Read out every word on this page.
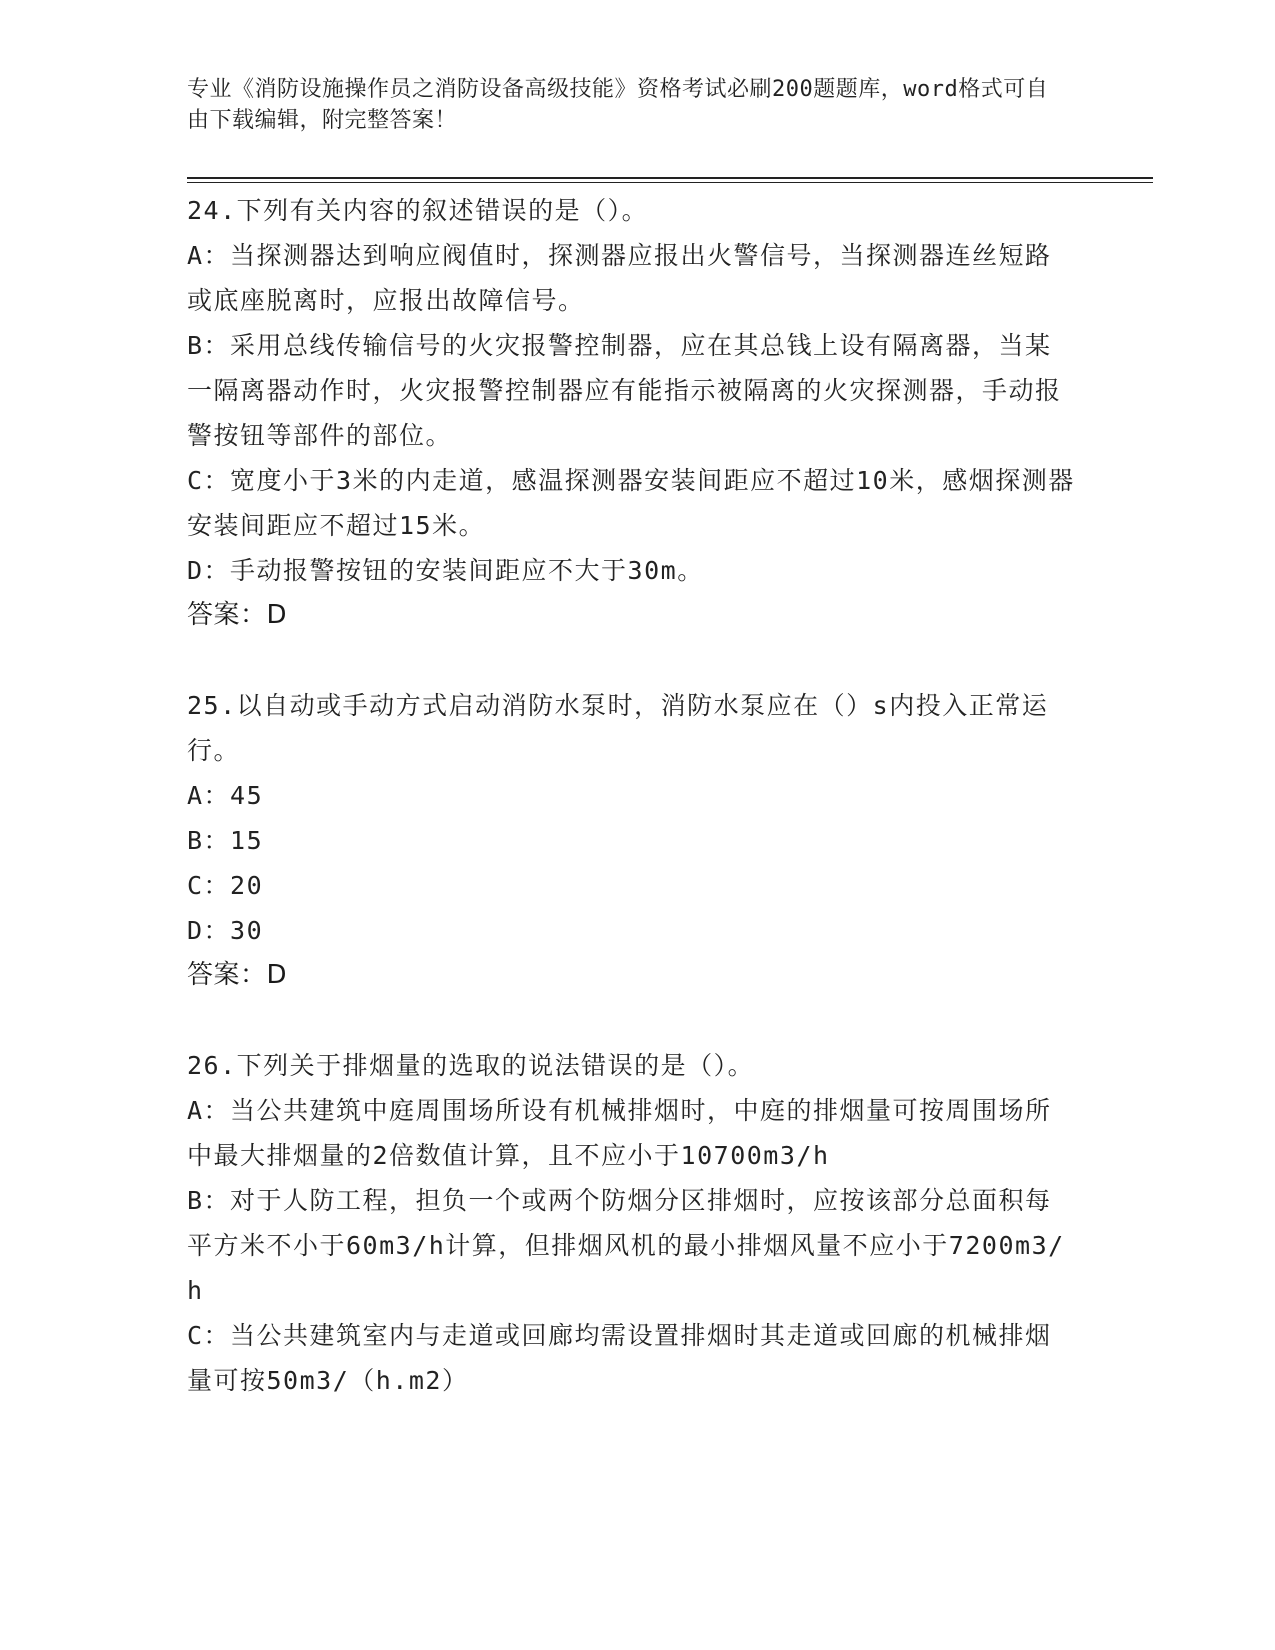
专业《消防设施操作员之消防设备高级技能》资格考试必刷200题题库，word格式可自由下载编辑，附完整答案！
24.下列有关内容的叙述错误的是（）。
A：当探测器达到响应阀值时，探测器应报出火警信号，当探测器连丝短路或底座脱离时，应报出故障信号。
B：采用总线传输信号的火灾报警控制器，应在其总钱上设有隔离器，当某一隔离器动作时，火灾报警控制器应有能指示被隔离的火灾探测器，手动报警按钮等部件的部位。
C：宽度小于3米的内走道，感温探测器安装间距应不超过10米，感烟探测器安装间距应不超过15米。
D：手动报警按钮的安装间距应不大于30m。
答案：D
25.以自动或手动方式启动消防水泵时，消防水泵应在（）s内投入正常运行。
A：45
B：15
C：20
D：30
答案：D
26.下列关于排烟量的选取的说法错误的是（）。
A：当公共建筑中庭周围场所设有机械排烟时，中庭的排烟量可按周围场所中最大排烟量的2倍数值计算，且不应小于10700m3/h
B：对于人防工程，担负一个或两个防烟分区排烟时，应按该部分总面积每平方米不小于60m3/h计算，但排烟风机的最小排烟风量不应小于7200m3/h
C：当公共建筑室内与走道或回廊均需设置排烟时其走道或回廊的机械排烟量可按50m3/（h.m2）
